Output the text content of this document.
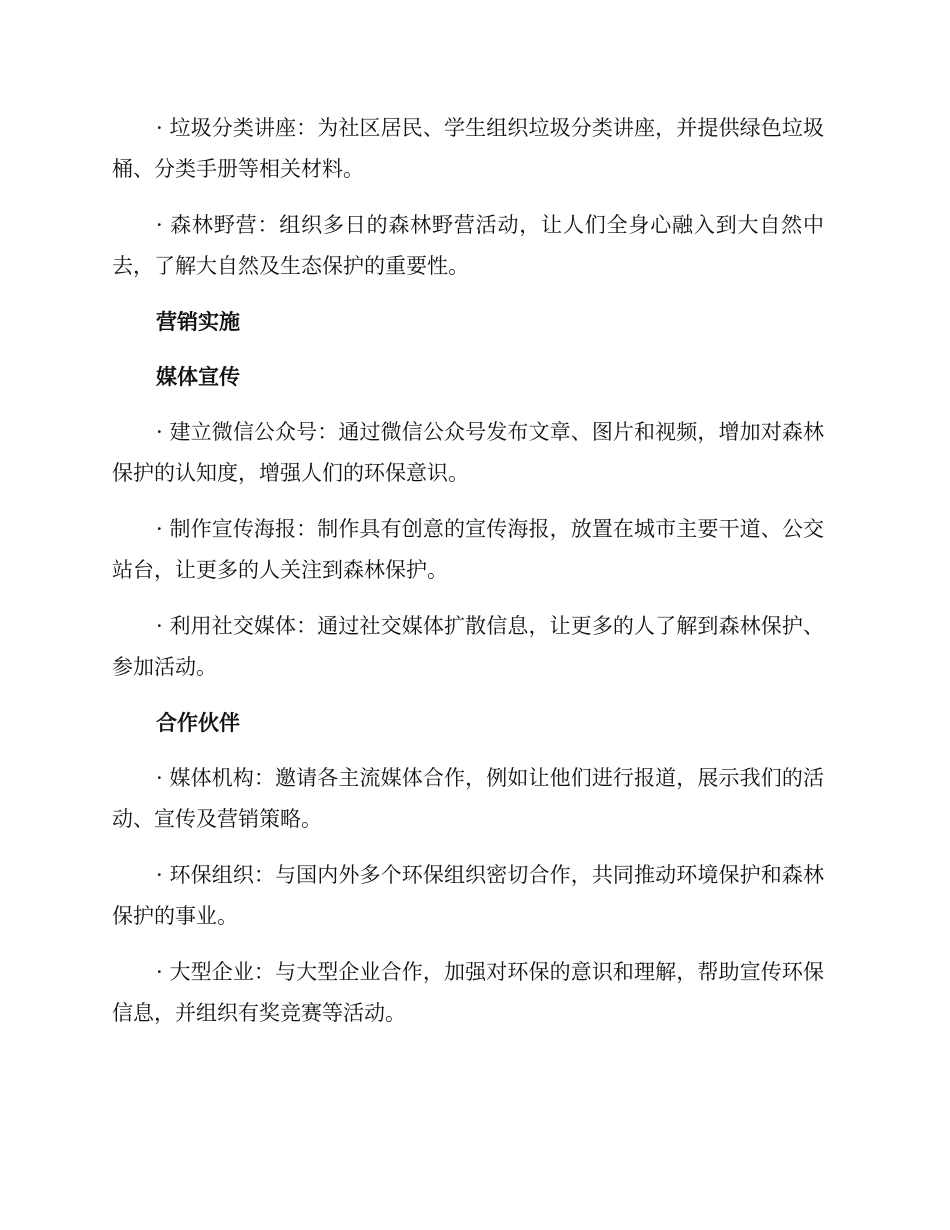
· 垃圾分类讲座：为社区居民、学生组织垃圾分类讲座，并提供绿色垃圾桶、分类手册等相关材料。

· 森林野营：组织多日的森林野营活动，让人们全身心融入到大自然中去，了解大自然及生态保护的重要性。

营销实施

媒体宣传

· 建立微信公众号：通过微信公众号发布文章、图片和视频，增加对森林保护的认知度，增强人们的环保意识。

· 制作宣传海报：制作具有创意的宣传海报，放置在城市主要干道、公交站台，让更多的人关注到森林保护。

· 利用社交媒体：通过社交媒体扩散信息，让更多的人了解到森林保护、参加活动。

合作伙伴

· 媒体机构：邀请各主流媒体合作，例如让他们进行报道，展示我们的活动、宣传及营销策略。

· 环保组织：与国内外多个环保组织密切合作，共同推动环境保护和森林保护的事业。

· 大型企业：与大型企业合作，加强对环保的意识和理解，帮助宣传环保信息，并组织有奖竞赛等活动。
